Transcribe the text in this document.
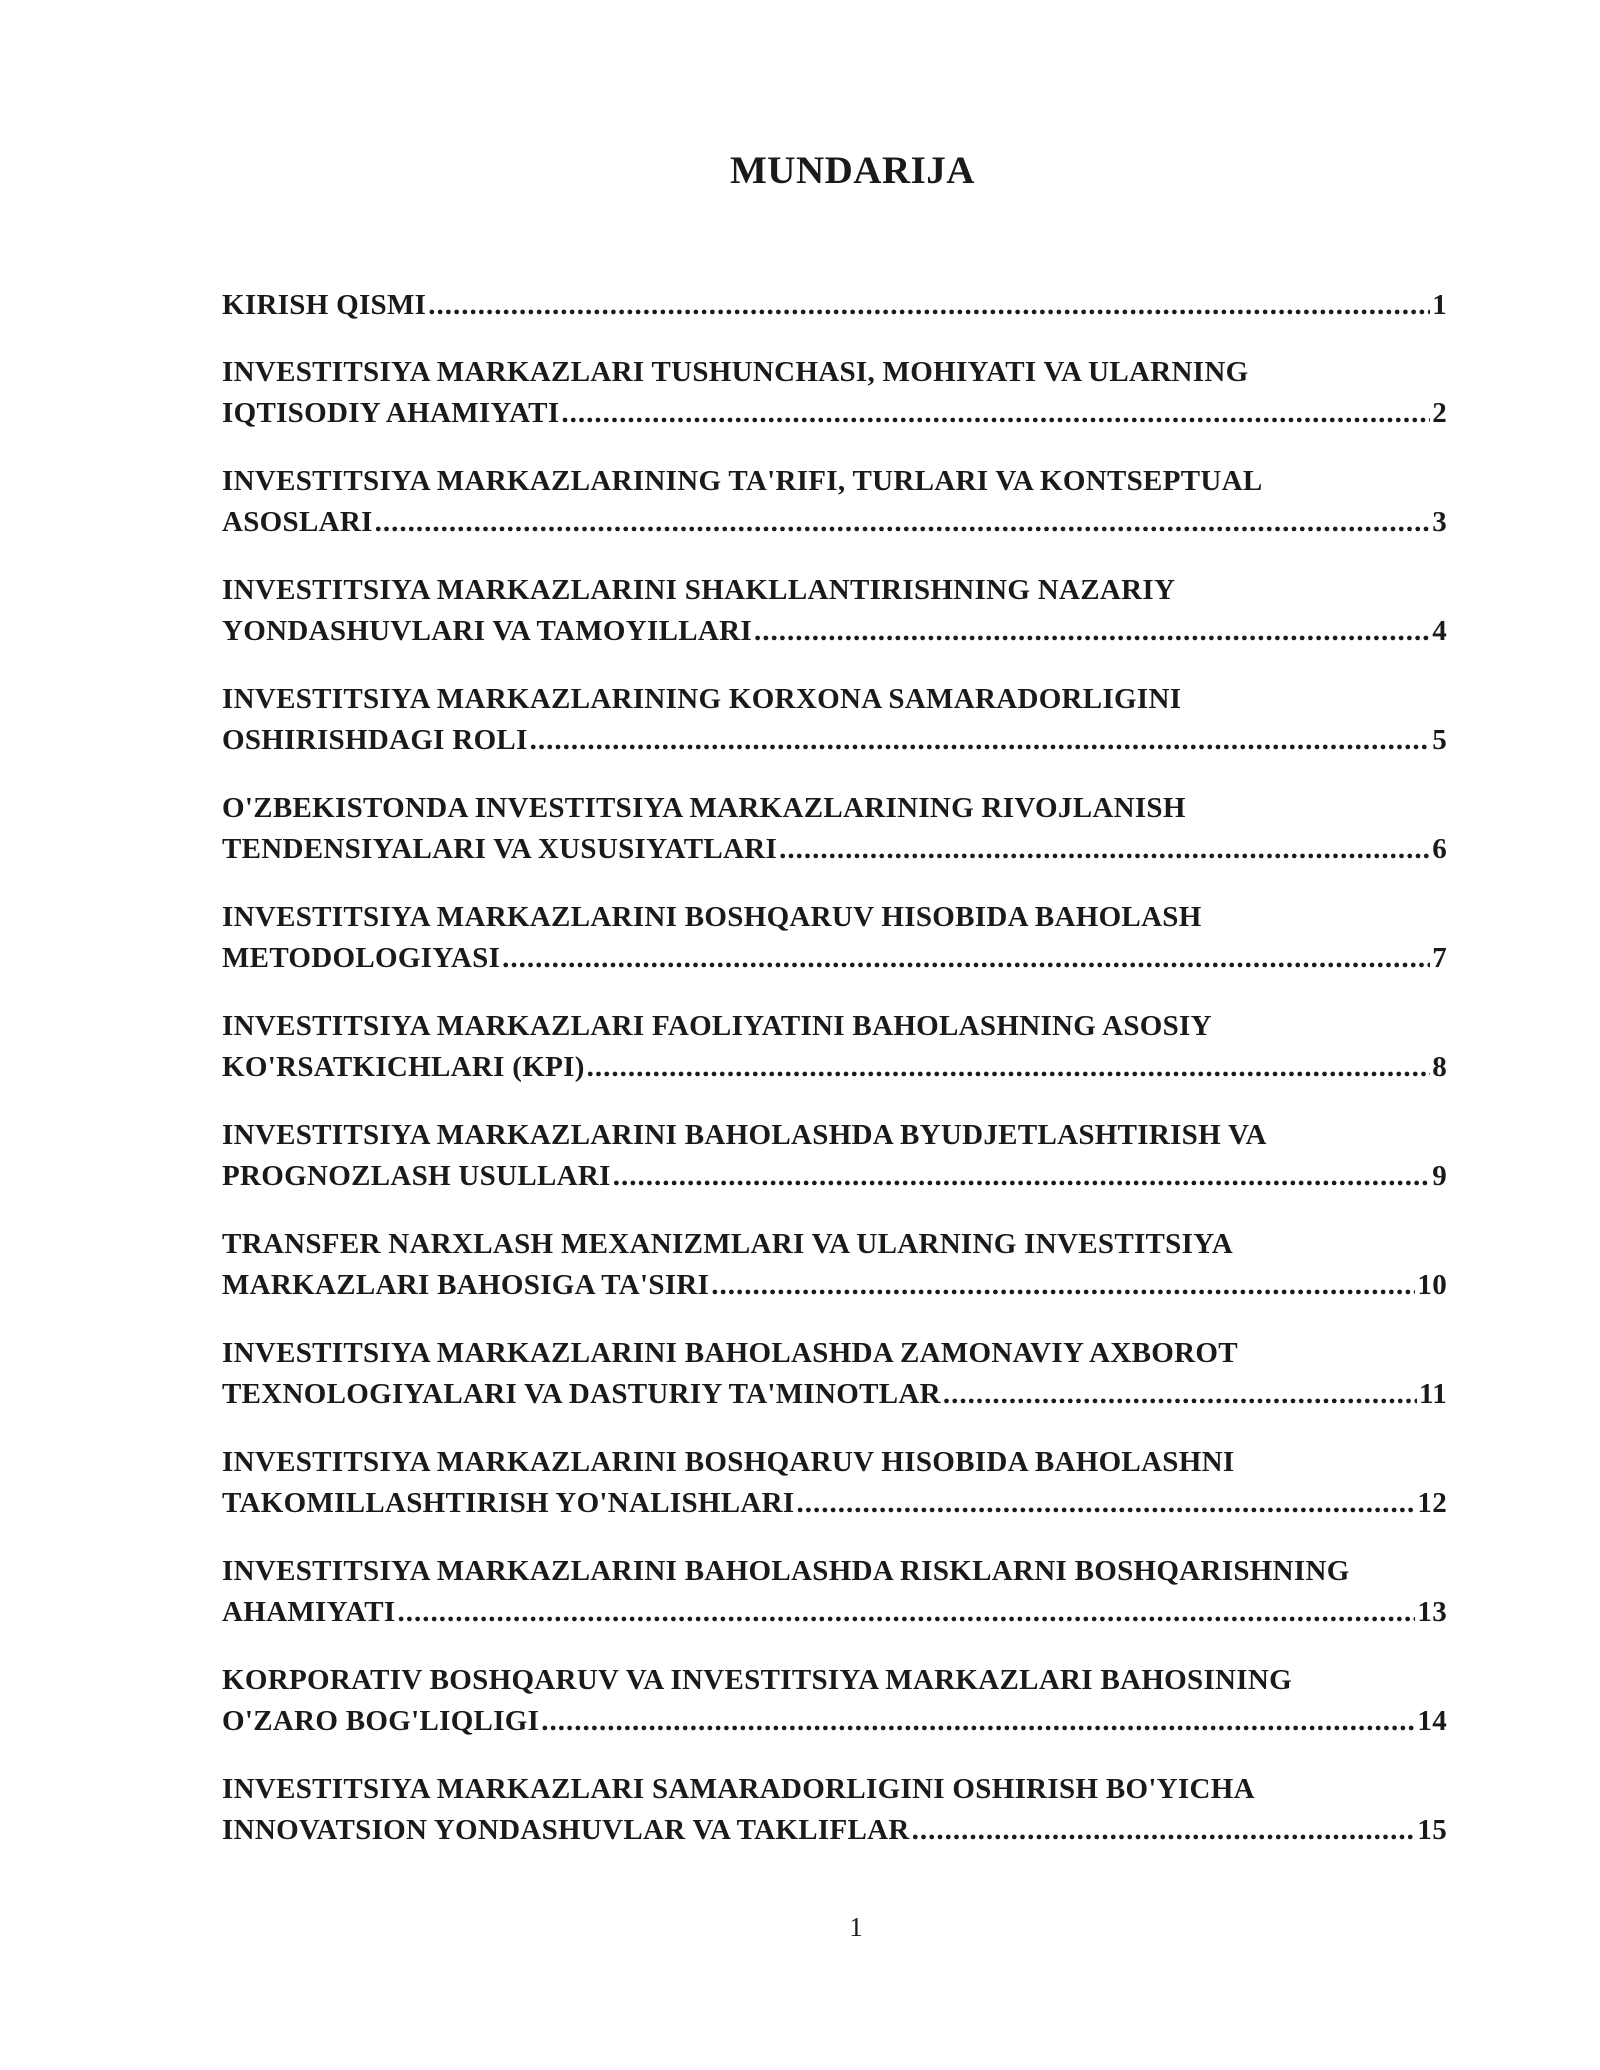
MUNDARIJA
KIRISH QISMI .....	1
INVESTITSIYA MARKAZLARI TUSHUNCHASI, MOHIYATI VA ULARNING
IQTISODIY AHAMIYATI .....	2
INVESTITSIYA MARKAZLARINING TA'RIFI, TURLARI VA KONTSEPTUAL
ASOSLARI .....	3
INVESTITSIYA MARKAZLARINI SHAKLLANTIRISHNING NAZARIY
YONDASHUVLARI VA TAMOYILLARI .....	4
INVESTITSIYA MARKAZLARINING KORXONA SAMARADORLIGINI
OSHIRISHDAGI ROLI .....	5
O'ZBEKISTONDA INVESTITSIYA MARKAZLARINING RIVOJLANISH
TENDENSIYALARI VA XUSUSIYATLARI .....	6
INVESTITSIYA MARKAZLARINI BOSHQARUV HISOBIDA BAHOLASH
METODOLOGIYASI .....	7
INVESTITSIYA MARKAZLARI FAOLIYATINI BAHOLASHNING ASOSIY
KO'RSATKICHLARI (KPI) .....	8
INVESTITSIYA MARKAZLARINI BAHOLASHDA BYUDJETLASHTIRISH VA
PROGNOZLASH USULLARI .....	9
TRANSFER NARXLASH MEXANIZMLARI VA ULARNING INVESTITSIYA
MARKAZLARI BAHOSIGA TA'SIRI .....	10
INVESTITSIYA MARKAZLARINI BAHOLASHDA ZAMONAVIY AXBOROT
TEXNOLOGIYALARI VA DASTURIY TA'MINOTLAR .....	11
INVESTITSIYA MARKAZLARINI BOSHQARUV HISOBIDA BAHOLASHNI
TAKOMILLASHTIRISH YO'NALISHLARI .....	12
INVESTITSIYA MARKAZLARINI BAHOLASHDA RISKLARNI BOSHQARISHNING
AHAMIYATI .....	13
KORPORATIV BOSHQARUV VA INVESTITSIYA MARKAZLARI BAHOSINING
O'ZARO BOG'LIQLIGI .....	14
INVESTITSIYA MARKAZLARI SAMARADORLIGINI OSHIRISH BO'YICHA
INNOVATSION YONDASHUVLAR VA TAKLIFLAR .....	15
1
